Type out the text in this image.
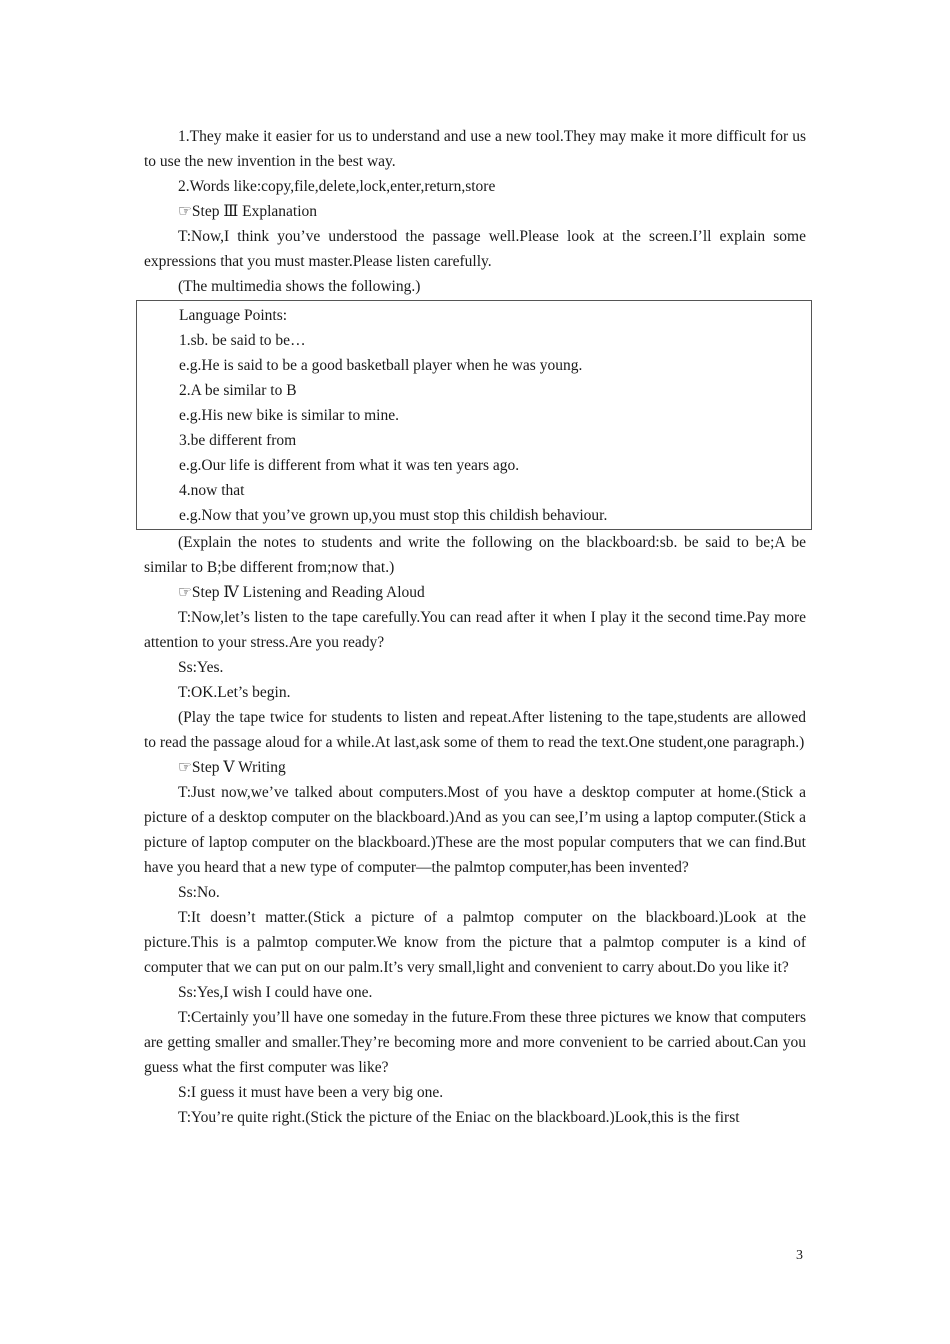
1.They make it easier for us to understand and use a new tool.They may make it more difficult for us to use the new invention in the best way.

2.Words like:copy,file,delete,lock,enter,return,store

☞Step Ⅲ Explanation

T:Now,I think you’ve understood the passage well.Please look at the screen.I’ll explain some expressions that you must master.Please listen carefully.

(The multimedia shows the following.)

Language Points:

1.sb. be said to be…

e.g.He is said to be a good basketball player when he was young.

2.A be similar to B

e.g.His new bike is similar to mine.

3.be different from

e.g.Our life is different from what it was ten years ago.

4.now that

e.g.Now that you’ve grown up,you must stop this childish behaviour.

(Explain the notes to students and write the following on the blackboard:sb. be said to be;A be similar to B;be different from;now that.)

☞Step Ⅳ Listening and Reading Aloud

T:Now,let’s listen to the tape carefully.You can read after it when I play it the second time.Pay more attention to your stress.Are you ready?

Ss:Yes.

T:OK.Let’s begin.

(Play the tape twice for students to listen and repeat.After listening to the tape,students are allowed to read the passage aloud for a while.At last,ask some of them to read the text.One student,one paragraph.)

☞Step Ⅴ Writing

T:Just now,we’ve talked about computers.Most of you have a desktop computer at home.(Stick a picture of a desktop computer on the blackboard.)And as you can see,I’m using a laptop computer.(Stick a picture of laptop computer on the blackboard.)These are the most popular computers that we can find.But have you heard that a new type of computer—the palmtop computer,has been invented?

Ss:No.

T:It doesn’t matter.(Stick a picture of a palmtop computer on the blackboard.)Look at the picture.This is a palmtop computer.We know from the picture that a palmtop computer is a kind of computer that we can put on our palm.It’s very small,light and convenient to carry about.Do you like it?

Ss:Yes,I wish I could have one.

T:Certainly you’ll have one someday in the future.From these three pictures we know that computers are getting smaller and smaller.They’re becoming more and more convenient to be carried about.Can you guess what the first computer was like?

S:I guess it must have been a very big one.

T:You’re quite right.(Stick the picture of the Eniac on the blackboard.)Look,this is the first

3
